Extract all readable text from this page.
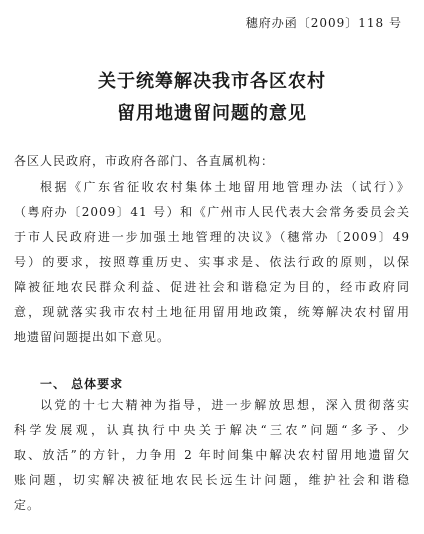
穗府办函〔2009〕118 号
关于统筹解决我市各区农村
留用地遗留问题的意见
各区人民政府，市政府各部门、各直属机构：
根据《广东省征收农村集体土地留用地管理办法（试行）》
（粤府办〔2009〕41 号）和《广州市人民代表大会常务委员会关
于市人民政府进一步加强土地管理的决议》（穗常办〔2009〕49
号）的要求，按照尊重历史、实事求是、依法行政的原则，以保
障被征地农民群众利益、促进社会和谐稳定为目的，经市政府同
意，现就落实我市农村土地征用留用地政策，统筹解决农村留用
地遗留问题提出如下意见。
一、 总体要求
以党的十七大精神为指导，进一步解放思想，深入贯彻落实
科学发展观，认真执行中央关于解决“三农”问题“多予、少
取、放活”的方针，力争用 2 年时间集中解决农村留用地遗留欠
账问题，切实解决被征地农民长远生计问题，维护社会和谐稳
定。
